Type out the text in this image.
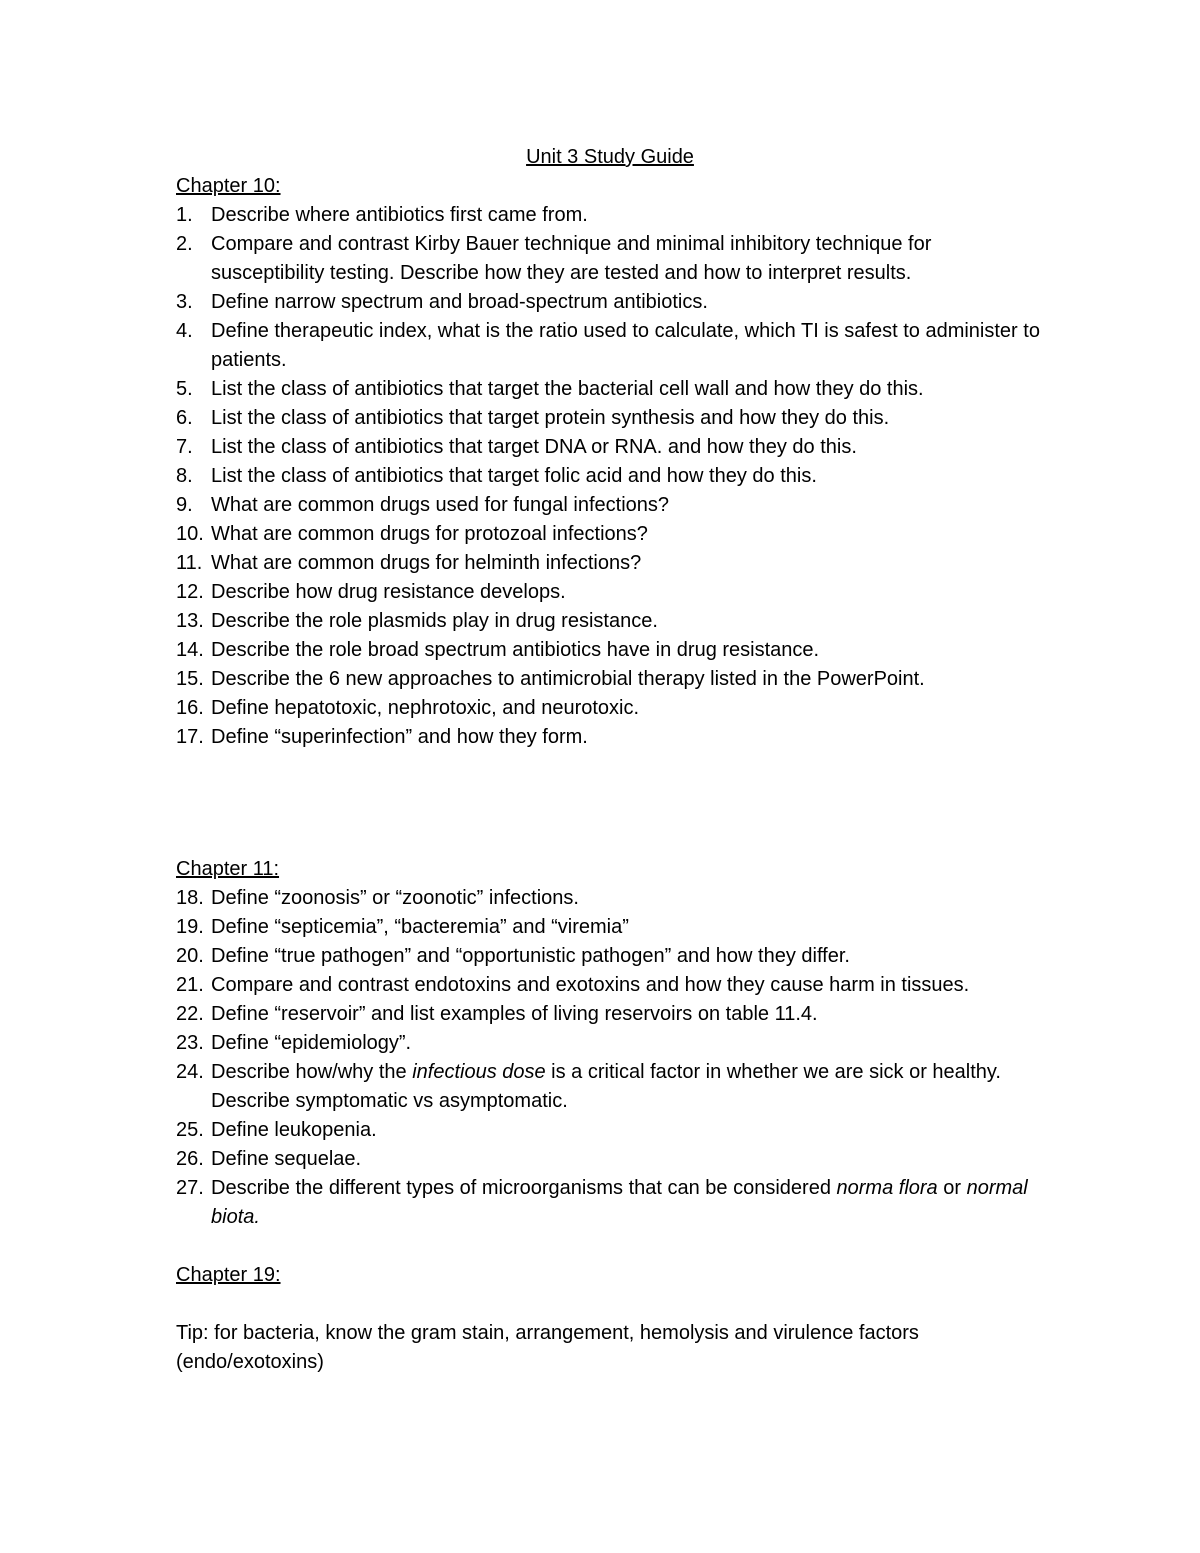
Unit 3 Study Guide

Chapter 10:

1. Describe where antibiotics first came from.
2. Compare and contrast Kirby Bauer technique and minimal inhibitory technique for susceptibility testing. Describe how they are tested and how to interpret results.
3. Define narrow spectrum and broad-spectrum antibiotics.
4. Define therapeutic index, what is the ratio used to calculate, which TI is safest to administer to patients.
5. List the class of antibiotics that target the bacterial cell wall and how they do this.
6. List the class of antibiotics that target protein synthesis and how they do this.
7. List the class of antibiotics that target DNA or RNA. and how they do this.
8. List the class of antibiotics that target folic acid and how they do this.
9. What are common drugs used for fungal infections?
10. What are common drugs for protozoal infections?
11. What are common drugs for helminth infections?
12. Describe how drug resistance develops.
13. Describe the role plasmids play in drug resistance.
14. Describe the role broad spectrum antibiotics have in drug resistance.
15. Describe the 6 new approaches to antimicrobial therapy listed in the PowerPoint.
16. Define hepatotoxic, nephrotoxic, and neurotoxic.
17. Define “superinfection” and how they form.

Chapter 11:

18. Define “zoonosis” or “zoonotic” infections.
19. Define “septicemia”, “bacteremia” and “viremia”
20. Define “true pathogen” and “opportunistic pathogen” and how they differ.
21. Compare and contrast endotoxins and exotoxins and how they cause harm in tissues.
22. Define “reservoir” and list examples of living reservoirs on table 11.4.
23. Define “epidemiology”.
24. Describe how/why the infectious dose is a critical factor in whether we are sick or healthy. Describe symptomatic vs asymptomatic.
25. Define leukopenia.
26. Define sequelae.
27. Describe the different types of microorganisms that can be considered norma flora or normal biota.

Chapter 19:

Tip: for bacteria, know the gram stain, arrangement, hemolysis and virulence factors (endo/exotoxins)
